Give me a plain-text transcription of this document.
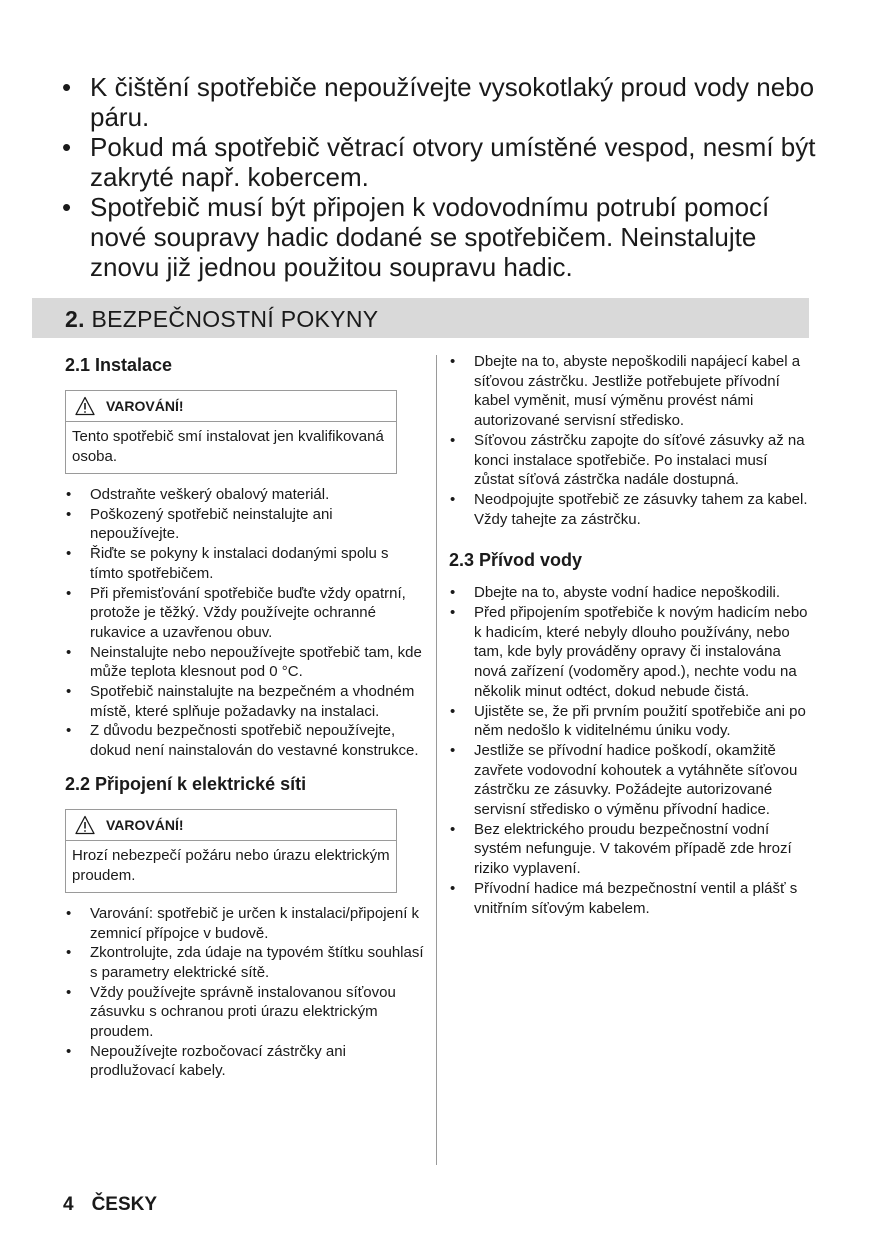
• K čištění spotřebiče nepoužívejte vysokotlaký proud vody nebo páru.
• Pokud má spotřebič větrací otvory umístěné vespod, nesmí být zakryté např. kobercem.
• Spotřebič musí být připojen k vodovodnímu potrubí pomocí nové soupravy hadic dodané se spotřebičem. Neinstalujte znovu již jednou použitou soupravu hadic.
2. BEZPEČNOSTNÍ POKYNY
2.1 Instalace
VAROVÁNÍ!
Tento spotřebič smí instalovat jen kvalifikovaná osoba.
• Odstraňte veškerý obalový materiál.
• Poškozený spotřebič neinstalujte ani nepoužívejte.
• Řiďte se pokyny k instalaci dodanými spolu s tímto spotřebičem.
• Při přemisťování spotřebiče buďte vždy opatrní, protože je těžký. Vždy používejte ochranné rukavice a uzavřenou obuv.
• Neinstalujte nebo nepoužívejte spotřebič tam, kde může teplota klesnout pod 0 °C.
• Spotřebič nainstalujte na bezpečném a vhodném místě, které splňuje požadavky na instalaci.
• Z důvodu bezpečnosti spotřebič nepoužívejte, dokud není nainstalován do vestavné konstrukce.
2.2 Připojení k elektrické síti
VAROVÁNÍ!
Hrozí nebezpečí požáru nebo úrazu elektrickým proudem.
• Varování: spotřebič je určen k instalaci/připojení k zemnicí přípojce v budově.
• Zkontrolujte, zda údaje na typovém štítku souhlasí s parametry elektrické sítě.
• Vždy používejte správně instalovanou síťovou zásuvku s ochranou proti úrazu elektrickým proudem.
• Nepoužívejte rozbočovací zástrčky ani prodlužovací kabely.
• Dbejte na to, abyste nepoškodili napájecí kabel a síťovou zástrčku. Jestliže potřebujete přívodní kabel vyměnit, musí výměnu provést námi autorizované servisní středisko.
• Síťovou zástrčku zapojte do síťové zásuvky až na konci instalace spotřebiče. Po instalaci musí zůstat síťová zástrčka nadále dostupná.
• Neodpojujte spotřebič ze zásuvky tahem za kabel. Vždy tahejte za zástrčku.
2.3 Přívod vody
• Dbejte na to, abyste vodní hadice nepoškodili.
• Před připojením spotřebiče k novým hadicím nebo k hadicím, které nebyly dlouho používány, nebo tam, kde byly prováděny opravy či instalována nová zařízení (vodoměry apod.), nechte vodu na několik minut odtéct, dokud nebude čistá.
• Ujistěte se, že při prvním použití spotřebiče ani po něm nedošlo k viditelnému úniku vody.
• Jestliže se přívodní hadice poškodí, okamžitě zavřete vodovodní kohoutek a vytáhněte síťovou zástrčku ze zásuvky. Požádejte autorizované servisní středisko o výměnu přívodní hadice.
• Bez elektrického proudu bezpečnostní vodní systém nefunguje. V takovém případě zde hrozí riziko vyplavení.
• Přívodní hadice má bezpečnostní ventil a plášť s vnitřním síťovým kabelem.
4 ČESKY
